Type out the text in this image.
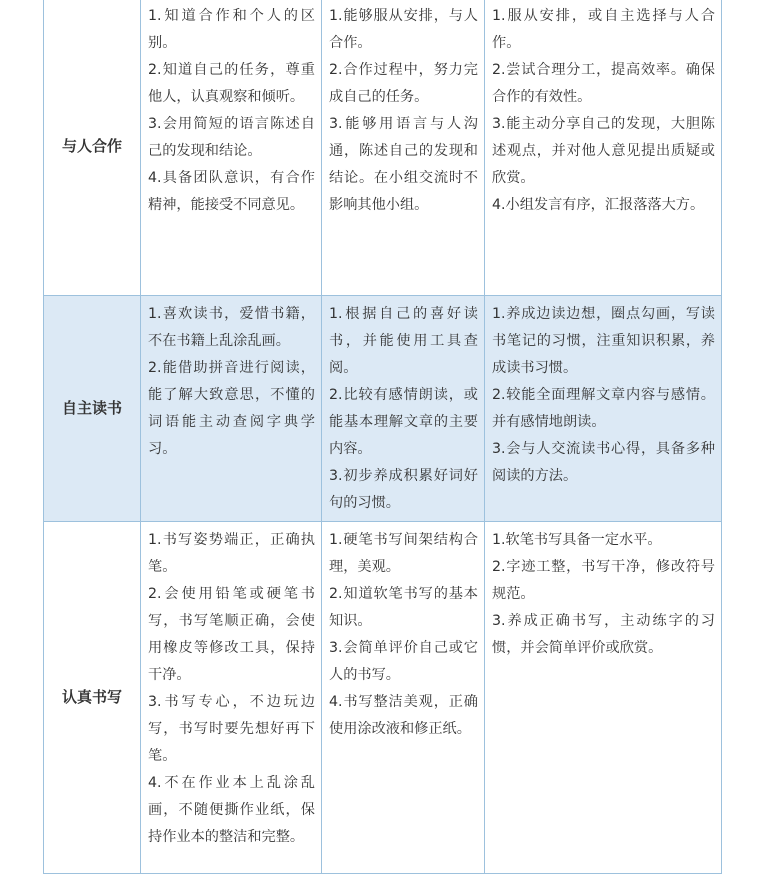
与人合作	1.知道合作和个人的区别。
2.知道自己的任务，尊重他人，认真观察和倾听。
3.会用简短的语言陈述自己的发现和结论。
4.具备团队意识，有合作精神，能接受不同意见。	1.能够服从安排，与人合作。
2.合作过程中，努力完成自己的任务。
3.能够用语言与人沟通，陈述自己的发现和结论。在小组交流时不影响其他小组。	1.服从安排，或自主选择与人合作。
2.尝试合理分工，提高效率。确保合作的有效性。
3.能主动分享自己的发现，大胆陈述观点，并对他人意见提出质疑或欣赏。
4.小组发言有序，汇报落落大方。

自主读书	1.喜欢读书，爱惜书籍，不在书籍上乱涂乱画。
2.能借助拼音进行阅读，能了解大致意思，不懂的词语能主动查阅字典学习。	1.根据自己的喜好读书，并能使用工具查阅。
2.比较有感情朗读，或能基本理解文章的主要内容。
3.初步养成积累好词好句的习惯。	1.养成边读边想，圈点勾画，写读书笔记的习惯，注重知识积累，养成读书习惯。
2.较能全面理解文章内容与感情。并有感情地朗读。
3.会与人交流读书心得，具备多种阅读的方法。

认真书写	1.书写姿势端正，正确执笔。
2.会使用铅笔或硬笔书写，书写笔顺正确，会使用橡皮等修改工具，保持干净。
3.书写专心，不边玩边写，书写时要先想好再下笔。
4.不在作业本上乱涂乱画，不随便撕作业纸，保持作业本的整洁和完整。	1.硬笔书写间架结构合理，美观。
2.知道软笔书写的基本知识。
3.会简单评价自己或它人的书写。
4.书写整洁美观，正确使用涂改液和修正纸。	1.软笔书写具备一定水平。
2.字迹工整，书写干净，修改符号规范。
3.养成正确书写，主动练字的习惯，并会简单评价或欣赏。
